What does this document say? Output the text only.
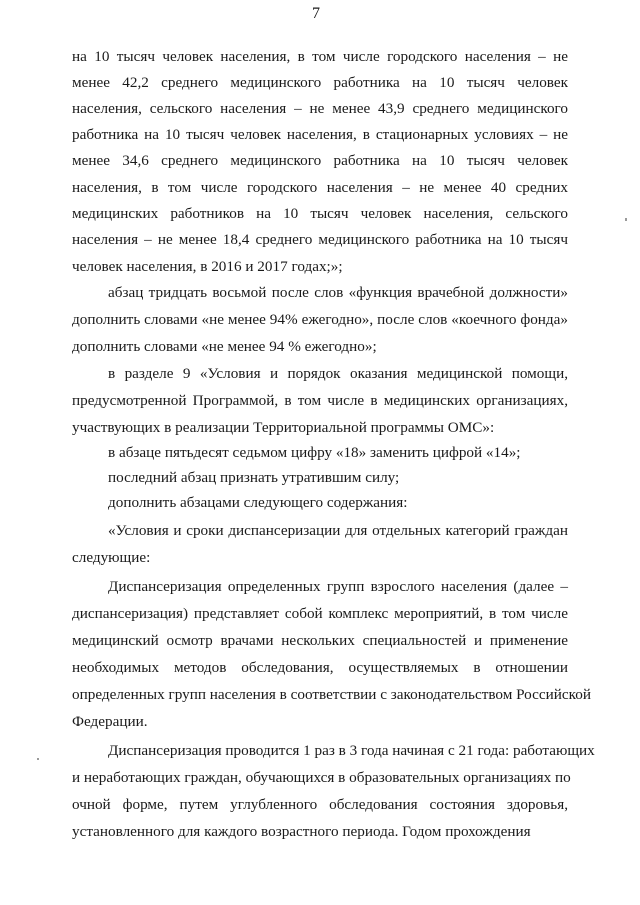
7
на 10 тысяч человек населения, в том числе городского населения – не
менее 42,2 среднего медицинского работника на 10 тысяч человек
населения, сельского населения – не менее 43,9 среднего медицинского
работника на 10 тысяч человек населения, в стационарных условиях – не
менее 34,6 среднего медицинского работника на 10 тысяч человек
населения, в том числе городского населения – не менее 40 средних
медицинских работников на 10 тысяч человек населения, сельского
населения – не менее 18,4 среднего медицинского работника на 10 тысяч
человек населения, в 2016 и 2017 годах;»;
абзац тридцать восьмой после слов «функция врачебной должности»
дополнить словами «не менее 94% ежегодно», после слов «коечного фонда»
дополнить словами «не менее 94 % ежегодно»;
в разделе 9 «Условия и порядок оказания медицинской помощи,
предусмотренной Программой, в том числе в медицинских организациях,
участвующих в реализации Территориальной программы ОМС»:
в абзаце пятьдесят седьмом цифру «18» заменить цифрой «14»;
последний абзац признать утратившим силу;
дополнить абзацами следующего содержания:
«Условия и сроки диспансеризации для отдельных категорий граждан
следующие:
Диспансеризация определенных групп взрослого населения (далее –
диспансеризация) представляет собой комплекс мероприятий, в том числе
медицинский осмотр врачами нескольких специальностей и применение
необходимых методов обследования, осуществляемых в отношении
определенных групп населения в соответствии с законодательством Российской
Федерации.
Диспансеризация проводится 1 раз в 3 года начиная с 21 года: работающих
и неработающих граждан, обучающихся в образовательных организациях по
очной форме, путем углубленного обследования состояния здоровья,
установленного для каждого возрастного периода. Годом прохождения
